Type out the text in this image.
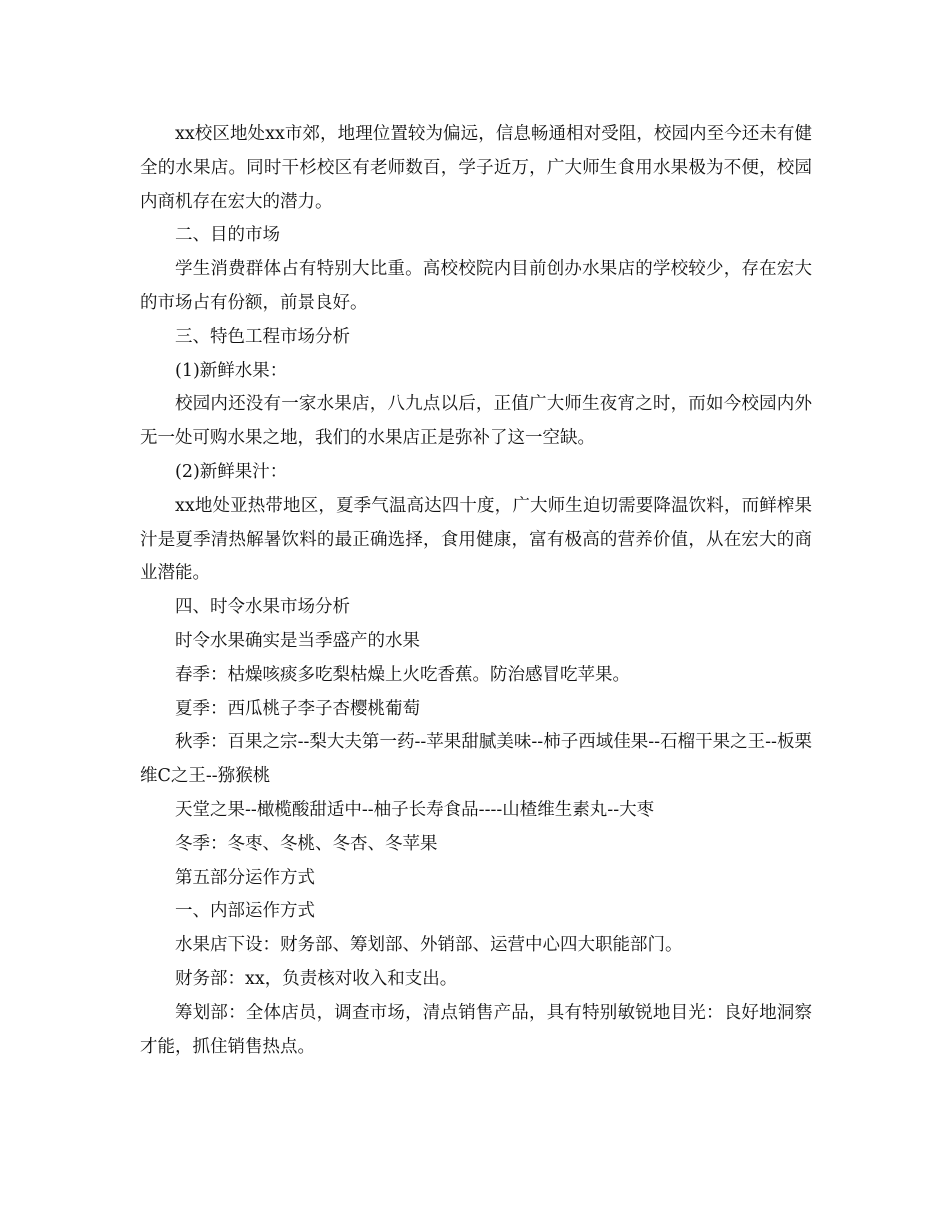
xx校区地处xx市郊，地理位置较为偏远，信息畅通相对受阻，校园内至今还未有健全的水果店。同时干杉校区有老师数百，学子近万，广大师生食用水果极为不便，校园内商机存在宏大的潜力。

二、目的市场

学生消费群体占有特别大比重。高校校院内目前创办水果店的学校较少，存在宏大的市场占有份额，前景良好。

三、特色工程市场分析

(1)新鲜水果：

校园内还没有一家水果店，八九点以后，正值广大师生夜宵之时，而如今校园内外无一处可购水果之地，我们的水果店正是弥补了这一空缺。

(2)新鲜果汁：

xx地处亚热带地区，夏季气温高达四十度，广大师生迫切需要降温饮料，而鲜榨果汁是夏季清热解暑饮料的最正确选择，食用健康，富有极高的营养价值，从在宏大的商业潜能。

四、时令水果市场分析

时令水果确实是当季盛产的水果

春季：枯燥咳痰多吃梨枯燥上火吃香蕉。防治感冒吃苹果。

夏季：西瓜桃子李子杏樱桃葡萄

秋季：百果之宗--梨大夫第一药--苹果甜腻美味--柿子西域佳果--石榴干果之王--板栗维C之王--猕猴桃

天堂之果--橄榄酸甜适中--柚子长寿食品----山楂维生素丸--大枣

冬季：冬枣、冬桃、冬杏、冬苹果

第五部分运作方式

一、内部运作方式

水果店下设：财务部、筹划部、外销部、运营中心四大职能部门。

财务部：xx，负责核对收入和支出。

筹划部：全体店员，调查市场，清点销售产品，具有特别敏锐地目光：良好地洞察才能，抓住销售热点。
